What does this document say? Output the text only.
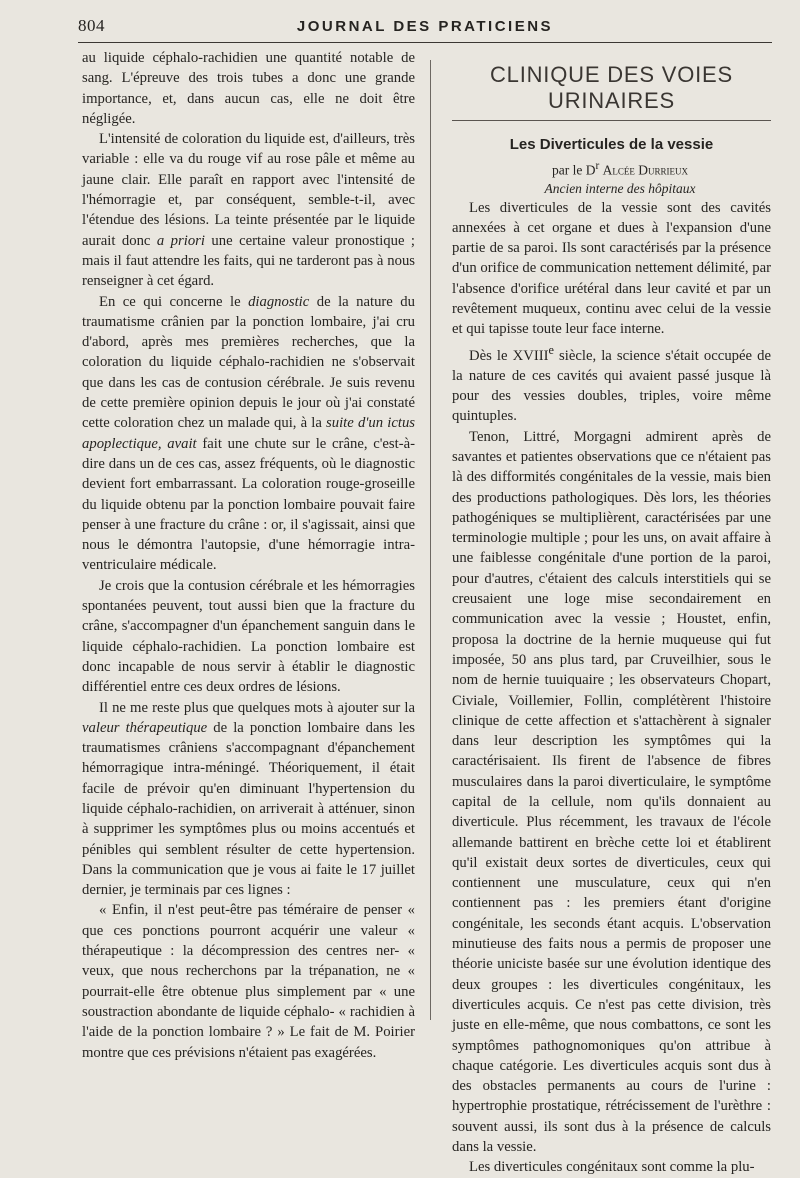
804	JOURNAL DES PRATICIENS

au liquide céphalo-rachidien une quantité notable de sang. L'épreuve des trois tubes a donc une grande importance, et, dans aucun cas, elle ne doit être négligée.

L'intensité de coloration du liquide est, d'ailleurs, très variable : elle va du rouge vif au rose pâle et même au jaune clair. Elle paraît en rapport avec l'intensité de l'hémorragie et, par conséquent, semble-t-il, avec l'étendue des lésions. La teinte présentée par le liquide aurait donc a priori une certaine valeur pronostique ; mais il faut attendre les faits, qui ne tarderont pas à nous renseigner à cet égard.

En ce qui concerne le diagnostic de la nature du traumatisme crânien par la ponction lombaire, j'ai cru d'abord, après mes premières recherches, que la coloration du liquide céphalo-rachidien ne s'observait que dans les cas de contusion cérébrale. Je suis revenu de cette première opinion depuis le jour où j'ai constaté cette coloration chez un malade qui, à la suite d'un ictus apoplectique, avait fait une chute sur le crâne, c'est-à-dire dans un de ces cas, assez fréquents, où le diagnostic devient fort embarrassant. La coloration rouge-groseille du liquide obtenu par la ponction lombaire pouvait faire penser à une fracture du crâne : or, il s'agissait, ainsi que nous le démontra l'autopsie, d'une hémorragie intra-ventriculaire médicale.

Je crois que la contusion cérébrale et les hémorragies spontanées peuvent, tout aussi bien que la fracture du crâne, s'accompagner d'un épanchement sanguin dans le liquide céphalo-rachidien. La ponction lombaire est donc incapable de nous servir à établir le diagnostic différentiel entre ces deux ordres de lésions.

Il ne me reste plus que quelques mots à ajouter sur la valeur thérapeutique de la ponction lombaire dans les traumatismes crâniens s'accompagnant d'épanchement hémorragique intra-méningé. Théoriquement, il était facile de prévoir qu'en diminuant l'hypertension du liquide céphalo-rachidien, on arriverait à atténuer, sinon à supprimer les symptômes plus ou moins accentués et pénibles qui semblent résulter de cette hypertension. Dans la communication que je vous ai faite le 17 juillet dernier, je terminais par ces lignes :

« Enfin, il n'est peut-être pas téméraire de penser « que ces ponctions pourront acquérir une valeur « thérapeutique : la décompression des centres ner- « veux, que nous recherchons par la trépanation, ne « pourrait-elle être obtenue plus simplement par « une soustraction abondante de liquide céphalo- « rachidien à l'aide de la ponction lombaire ? » Le fait de M. Poirier montre que ces prévisions n'étaient pas exagérées.

CLINIQUE DES VOIES URINAIRES
Les Diverticules de la vessie

par le $D^r$ Alcée Durrieux

Ancien interne des hôpitaux

Les diverticules de la vessie sont des cavités annexées à cet organe et dues à l'expansion d'une partie de sa paroi. Ils sont caractérisés par la présence d'un orifice de communication nettement délimité, par l'absence d'orifice urétéral dans leur cavité et par un revêtement muqueux, continu avec celui de la vessie et qui tapisse toute leur face interne.

Dès le XVIIIe siècle, la science s'était occupée de la nature de ces cavités qui avaient passé jusque là pour des vessies doubles, triples, voire même quintuples.

Tenon, Littré, Morgagni admirent après de savantes et patientes observations que ce n'étaient pas là des difformités congénitales de la vessie, mais bien des productions pathologiques. Dès lors, les théories pathogéniques se multiplièrent, caractérisées par une terminologie multiple ; pour les uns, on avait affaire à une faiblesse congénitale d'une portion de la paroi, pour d'autres, c'étaient des calculs interstitiels qui se creusaient une loge mise secondairement en communication avec la vessie ; Houstet, enfin, proposa la doctrine de la hernie muqueuse qui fut imposée, 50 ans plus tard, par Cruveilhier, sous le nom de hernie tuuiquaire ; les observateurs Chopart, Civiale, Voillemier, Follin, complétèrent l'histoire clinique de cette affection et s'attachèrent à signaler dans leur description les symptômes qui la caractérisaient. Ils firent de l'absence de fibres musculaires dans la paroi diverticulaire, le symptôme capital de la cellule, nom qu'ils donnaient au diverticule. Plus récemment, les travaux de l'école allemande battirent en brèche cette loi et établirent qu'il existait deux sortes de diverticules, ceux qui contiennent une musculature, ceux qui n'en contiennent pas : les premiers étant d'origine congénitale, les seconds étant acquis. L'observation minutieuse des faits nous a permis de proposer une théorie uniciste basée sur une évolution identique des deux groupes : les diverticules congénitaux, les diverticules acquis. Ce n'est pas cette division, très juste en elle-même, que nous combattons, ce sont les symptômes pathognomoniques qu'on attribue à chaque catégorie. Les diverticules acquis sont dus à des obstacles permanents au cours de l'urine : hypertrophie prostatique, rétrécissement de l'urèthre : souvent aussi, ils sont dus à la présence de calculs dans la vessie.

Les diverticules congénitaux sont comme la plu-
